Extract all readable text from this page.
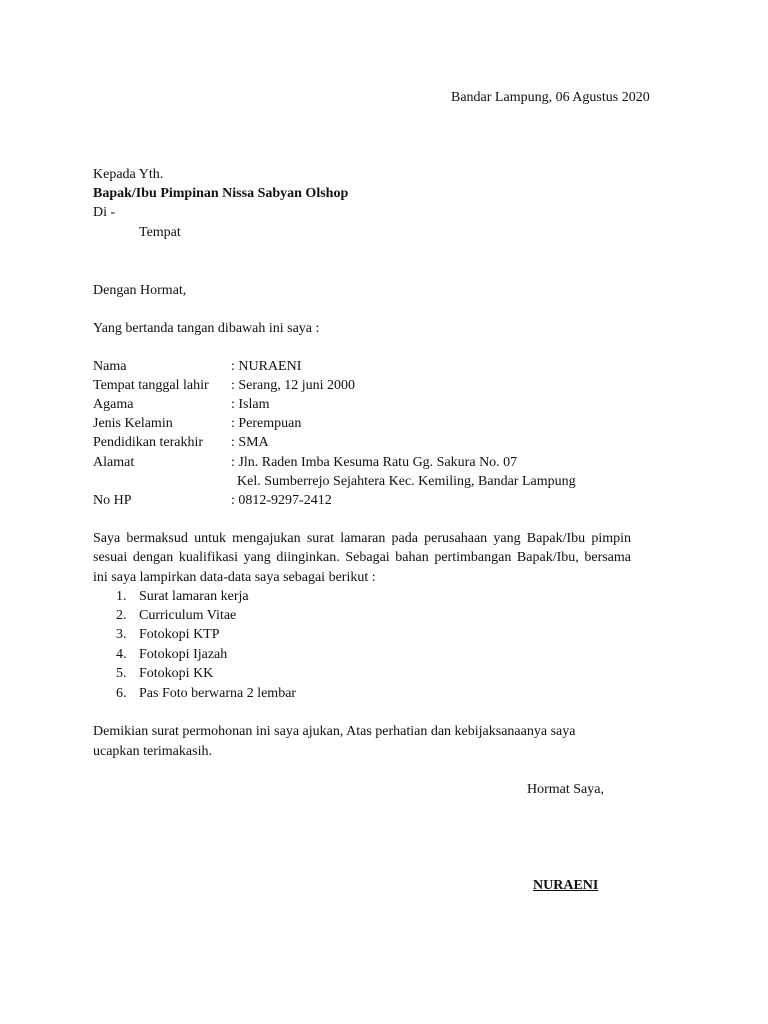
Bandar Lampung, 06 Agustus 2020
Kepada Yth.
Bapak/Ibu Pimpinan Nissa Sabyan Olshop
Di -
Tempat
Dengan Hormat,
Yang bertanda tangan dibawah ini saya :
Nama	: NURAENI
Tempat tanggal lahir : Serang, 12 juni 2000
Agama	: Islam
Jenis Kelamin	: Perempuan
Pendidikan terakhir : SMA
Alamat	: Jln. Raden Imba Kesuma Ratu Gg. Sakura No. 07
Kel. Sumberrejo Sejahtera Kec. Kemiling, Bandar Lampung
No HP	: 0812-9297-2412
Saya bermaksud untuk mengajukan surat lamaran pada perusahaan yang Bapak/Ibu pimpin
sesuai dengan kualifikasi yang diinginkan. Sebagai bahan pertimbangan Bapak/Ibu, bersama
ini saya lampirkan data-data saya sebagai berikut :
1. Surat lamaran kerja
2. Curriculum Vitae
3. Fotokopi KTP
4. Fotokopi Ijazah
5. Fotokopi KK
6. Pas Foto berwarna 2 lembar
Demikian surat permohonan ini saya ajukan, Atas perhatian dan kebijaksanaanya saya
ucapkan terimakasih.
Hormat Saya,
NURAENI
